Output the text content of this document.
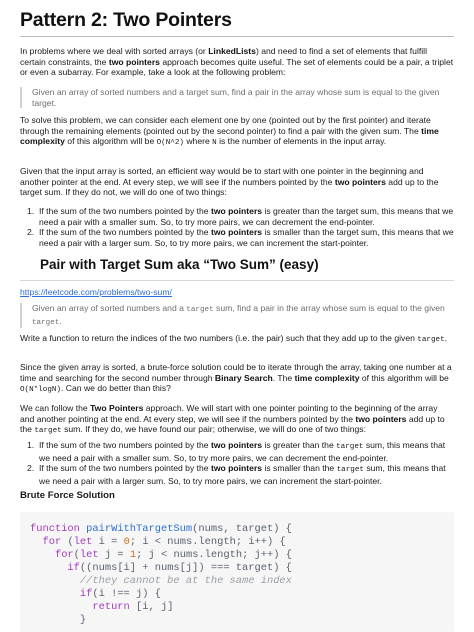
Pattern 2: Two Pointers
In problems where we deal with sorted arrays (or LinkedLists) and need to find a set of elements that fulfill certain constraints, the two pointers approach becomes quite useful. The set of elements could be a pair, a triplet or even a subarray. For example, take a look at the following problem:
Given an array of sorted numbers and a target sum, find a pair in the array whose sum is equal to the given target.
To solve this problem, we can consider each element one by one (pointed out by the first pointer) and iterate through the remaining elements (pointed out by the second pointer) to find a pair with the given sum. The time complexity of this algorithm will be O(N^2) where N is the number of elements in the input array.
Given that the input array is sorted, an efficient way would be to start with one pointer in the beginning and another pointer at the end. At every step, we will see if the numbers pointed by the two pointers add up to the target sum. If they do not, we will do one of two things:
1. If the sum of the two numbers pointed by the two pointers is greater than the target sum, this means that we need a pair with a smaller sum. So, to try more pairs, we can decrement the end-pointer.
2. If the sum of the two numbers pointed by the two pointers is smaller than the target sum, this means that we need a pair with a larger sum. So, to try more pairs, we can increment the start-pointer.
Pair with Target Sum aka “Two Sum” (easy)
https://leetcode.com/problems/two-sum/
Given an array of sorted numbers and a target sum, find a pair in the array whose sum is equal to the given target.
Write a function to return the indices of the two numbers (i.e. the pair) such that they add up to the given target.
Since the given array is sorted, a brute-force solution could be to iterate through the array, taking one number at a time and searching for the second number through Binary Search. The time complexity of this algorithm will be O(N*logN). Can we do better than this?
We can follow the Two Pointers approach. We will start with one pointer pointing to the beginning of the array and another pointing at the end. At every step, we will see if the numbers pointed by the two pointers add up to the target sum. If they do, we have found our pair; otherwise, we will do one of two things:
1. If the sum of the two numbers pointed by the two pointers is greater than the target sum, this means that we need a pair with a smaller sum. So, to try more pairs, we can decrement the end-pointer.
2. If the sum of the two numbers pointed by the two pointers is smaller than the target sum, this means that we need a pair with a larger sum. So, to try more pairs, we can increment the start-pointer.
Brute Force Solution
function pairWithTargetSum(nums, target) {
for (let i = 0; i < nums.length; i++) {
for(let j = 1; j < nums.length; j++) {
if((nums[i] + nums[j]) === target) {
//they cannot be at the same index
if(i !== j) {
return [i, j]
}
